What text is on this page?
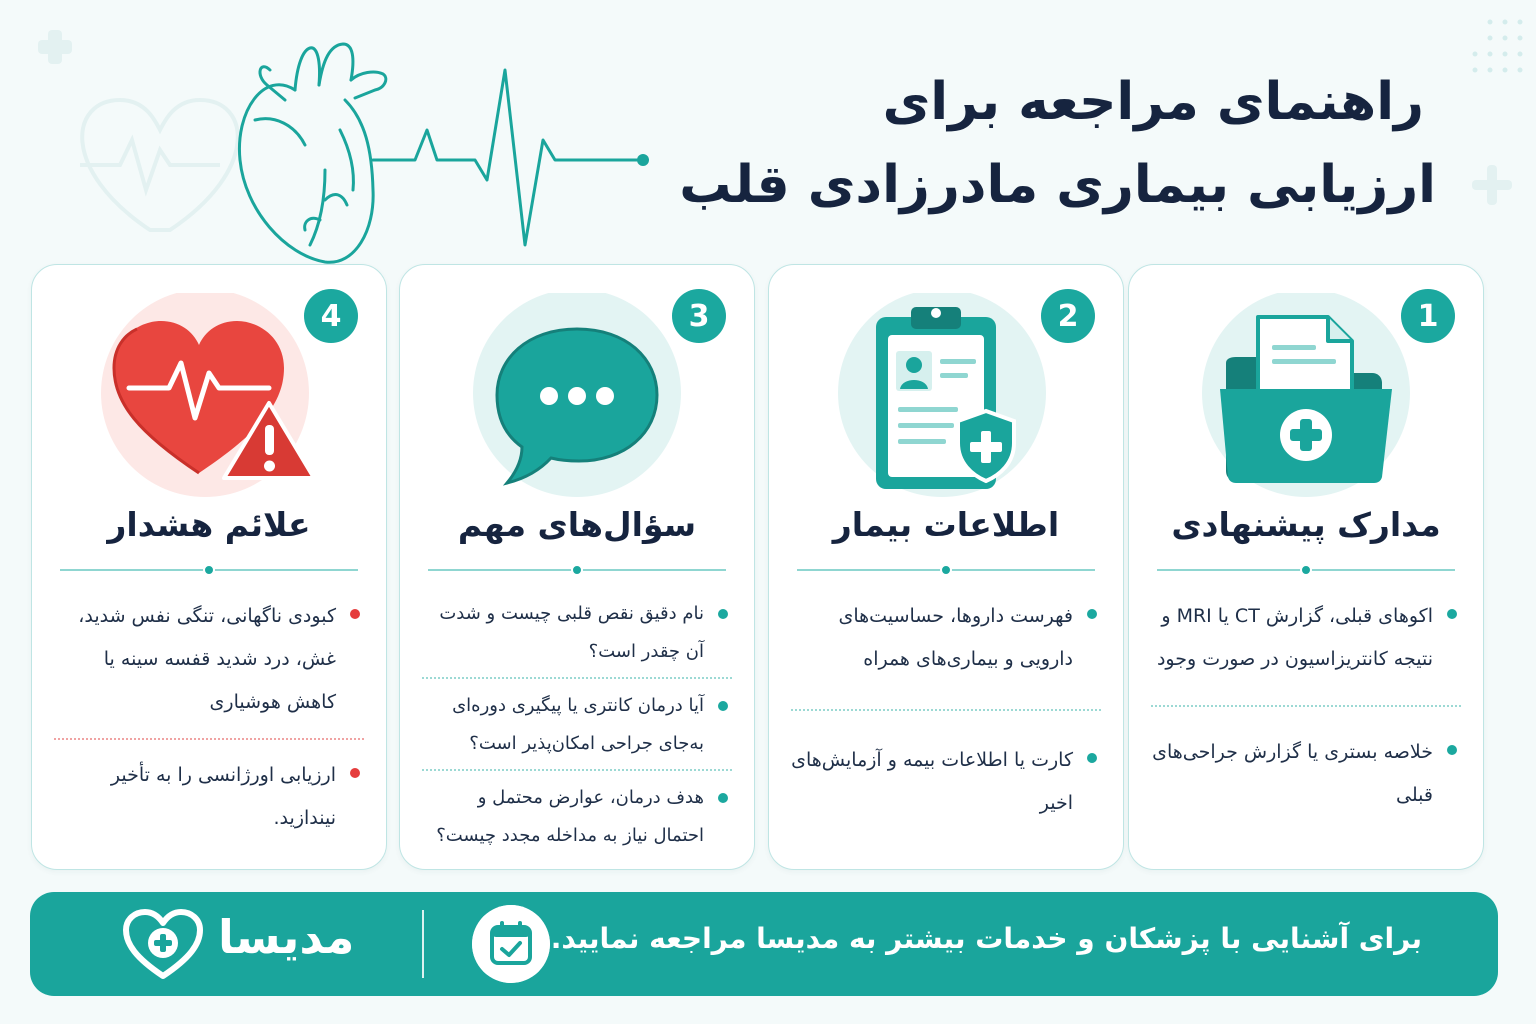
راهنمای مراجعه برای
ارزیابی بیماری مادرزادی قلب
4
علائم هشدار
کبودی ناگهانی، تنگی نفس شدید، غش، درد شدید قفسه سینه یا کاهش هوشیاری
ارزیابی اورژانسی را به تأخیر نیندازید.
3
سؤال‌های مهم
نام دقیق نقص قلبی چیست و شدت آن چقدر است؟
آیا درمان کانتری یا پیگیری دوره‌ای به‌جای جراحی امکان‌پذیر است؟
هدف درمان، عوارض محتمل و احتمال نیاز به مداخله مجدد چیست؟
2
اطلاعات بیمار
فهرست داروها، حساسیت‌های دارویی و بیماری‌های همراه
کارت یا اطلاعات بیمه و آزمایش‌های اخیر
1
مدارک پیشنهادی
اکوهای قبلی، گزارش CT یا MRI و نتیجه کانتریزاسیون در صورت وجود
خلاصه بستری یا گزارش جراحی‌های قبلی
برای آشنایی با پزشکان و خدمات بیشتر به مدیسا مراجعه نمایید.
مدیسا
